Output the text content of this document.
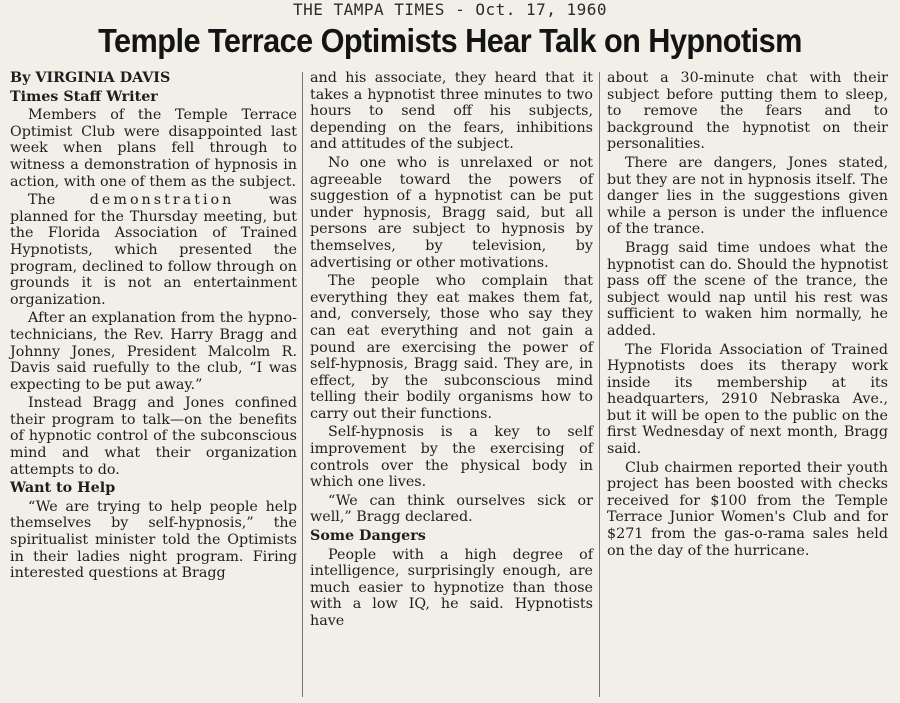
THE TAMPA TIMES - Oct. 17, 1960
Temple Terrace Optimists Hear Talk on Hypnotism

By VIRGINIA DAVIS

Times Staff Writer

Members of the Temple Terrace Optimist Club were disappointed last week when plans fell through to witness a demonstration of hypnosis in action, with one of them as the subject.

The demonstration was planned for the Thursday meeting, but the Florida Association of Trained Hypnotists, which presented the program, declined to follow through on grounds it is not an entertainment organization.

After an explanation from the hypno-technicians, the Rev. Harry Bragg and Johnny Jones, President Malcolm R. Davis said ruefully to the club, “I was expecting to be put away.”

Instead Bragg and Jones confined their program to talk—on the benefits of hypnotic control of the subconscious mind and what their organization attempts to do.

Want to Help

“We are trying to help people help themselves by self-hypnosis,” the spiritualist minister told the Optimists in their ladies night program. Firing interested questions at Bragg

and his associate, they heard that it takes a hypnotist three minutes to two hours to send off his subjects, depending on the fears, inhibitions and attitudes of the subject.

No one who is unrelaxed or not agreeable toward the powers of suggestion of a hypnotist can be put under hypnosis, Bragg said, but all persons are subject to hypnosis by themselves, by television, by advertising or other motivations.

The people who complain that everything they eat makes them fat, and, conversely, those who say they can eat everything and not gain a pound are exercising the power of self-hypnosis, Bragg said. They are, in effect, by the subconscious mind telling their bodily organisms how to carry out their functions.

Self-hypnosis is a key to self improvement by the exercising of controls over the physical body in which one lives.

“We can think ourselves sick or well,” Bragg declared.

Some Dangers

People with a high degree of intelligence, surprisingly enough, are much easier to hypnotize than those with a low IQ, he said. Hypnotists have

about a 30-minute chat with their subject before putting them to sleep, to remove the fears and to background the hypnotist on their personalities.

There are dangers, Jones stated, but they are not in hypnosis itself. The danger lies in the suggestions given while a person is under the influence of the trance.

Bragg said time undoes what the hypnotist can do. Should the hypnotist pass off the scene of the trance, the subject would nap until his rest was sufficient to waken him normally, he added.

The Florida Association of Trained Hypnotists does its therapy work inside its membership at its headquarters, 2910 Nebraska Ave., but it will be open to the public on the first Wednesday of next month, Bragg said.

Club chairmen reported their youth project has been boosted with checks received for $100 from the Temple Terrace Junior Women's Club and for $271 from the gas-o-rama sales held on the day of the hurricane.
